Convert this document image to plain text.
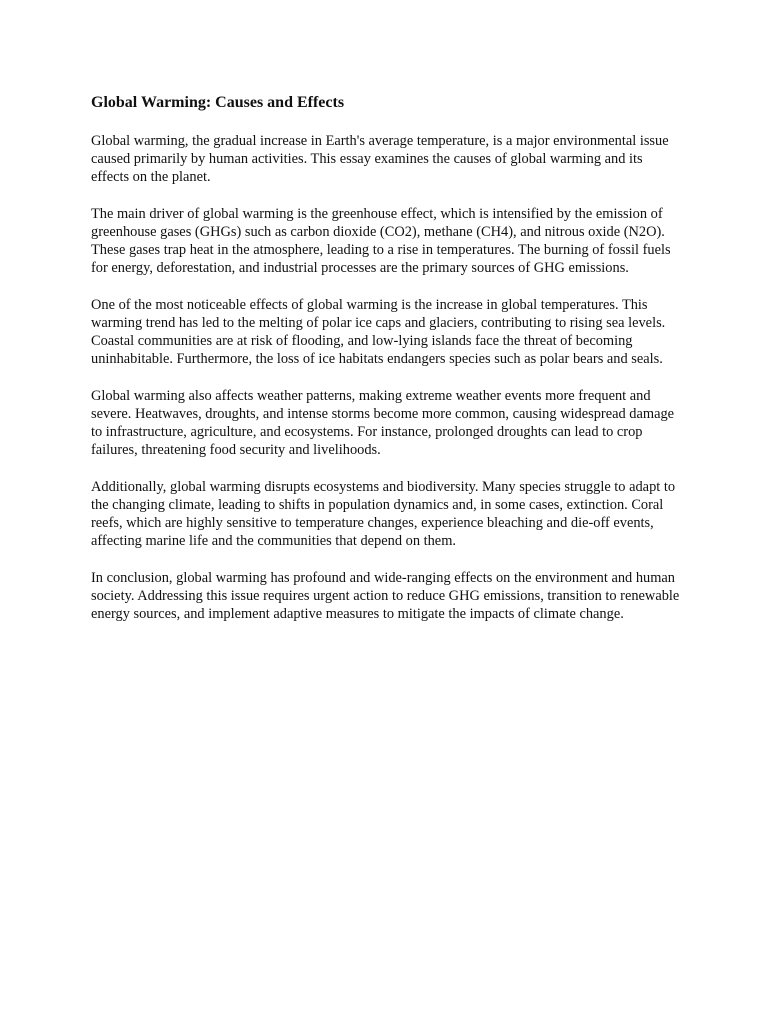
Global Warming: Causes and Effects

Global warming, the gradual increase in Earth's average temperature, is a major environmental issue caused primarily by human activities. This essay examines the causes of global warming and its effects on the planet.

The main driver of global warming is the greenhouse effect, which is intensified by the emission of greenhouse gases (GHGs) such as carbon dioxide (CO2), methane (CH4), and nitrous oxide (N2O). These gases trap heat in the atmosphere, leading to a rise in temperatures. The burning of fossil fuels for energy, deforestation, and industrial processes are the primary sources of GHG emissions.

One of the most noticeable effects of global warming is the increase in global temperatures. This warming trend has led to the melting of polar ice caps and glaciers, contributing to rising sea levels. Coastal communities are at risk of flooding, and low-lying islands face the threat of becoming uninhabitable. Furthermore, the loss of ice habitats endangers species such as polar bears and seals.

Global warming also affects weather patterns, making extreme weather events more frequent and severe. Heatwaves, droughts, and intense storms become more common, causing widespread damage to infrastructure, agriculture, and ecosystems. For instance, prolonged droughts can lead to crop failures, threatening food security and livelihoods.

Additionally, global warming disrupts ecosystems and biodiversity. Many species struggle to adapt to the changing climate, leading to shifts in population dynamics and, in some cases, extinction. Coral reefs, which are highly sensitive to temperature changes, experience bleaching and die-off events, affecting marine life and the communities that depend on them.

In conclusion, global warming has profound and wide-ranging effects on the environment and human society. Addressing this issue requires urgent action to reduce GHG emissions, transition to renewable energy sources, and implement adaptive measures to mitigate the impacts of climate change.
